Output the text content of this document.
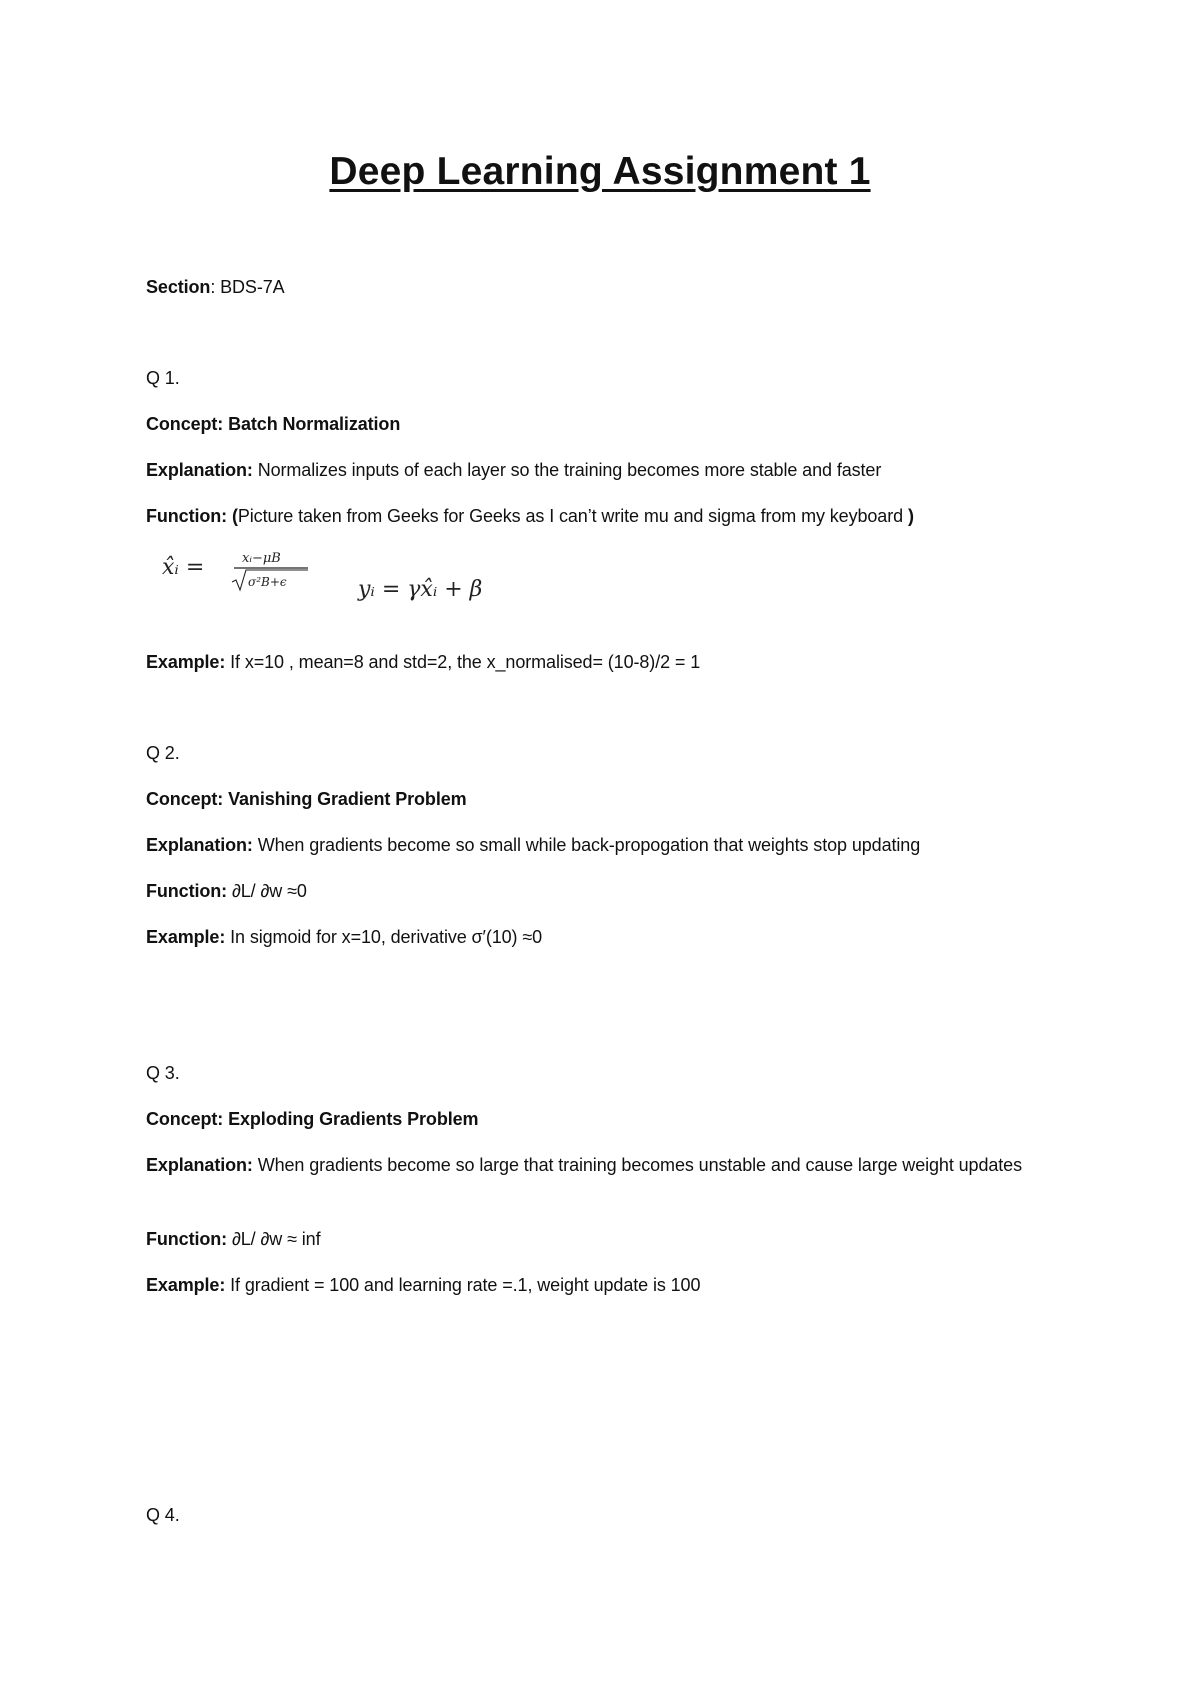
Deep Learning Assignment 1
Section: BDS-7A
Q 1.
Concept: Batch Normalization
Explanation: Normalizes inputs of each layer so the training becomes more stable and faster
Function: (Picture taken from Geeks for Geeks as I can’t write mu and sigma from my keyboard )
x̂ᵢ =	xᵢ−μB
σ²B+ϵ	yᵢ = γx̂ᵢ + β
Example: If x=10 , mean=8 and std=2, the x_normalised= (10-8)/2 = 1
Q 2.
Concept: Vanishing Gradient Problem
Explanation: When gradients become so small while back-propogation that weights stop updating
Function: ∂L/ ∂w ≈0
Example: In sigmoid for x=10, derivative σ′(10) ≈0
Q 3.
Concept: Exploding Gradients Problem
Explanation: When gradients become so large that training becomes unstable and cause large weight updates
Function: ∂L/ ∂w ≈ inf
Example: If gradient = 100 and learning rate =.1, weight update is 100
Q 4.
